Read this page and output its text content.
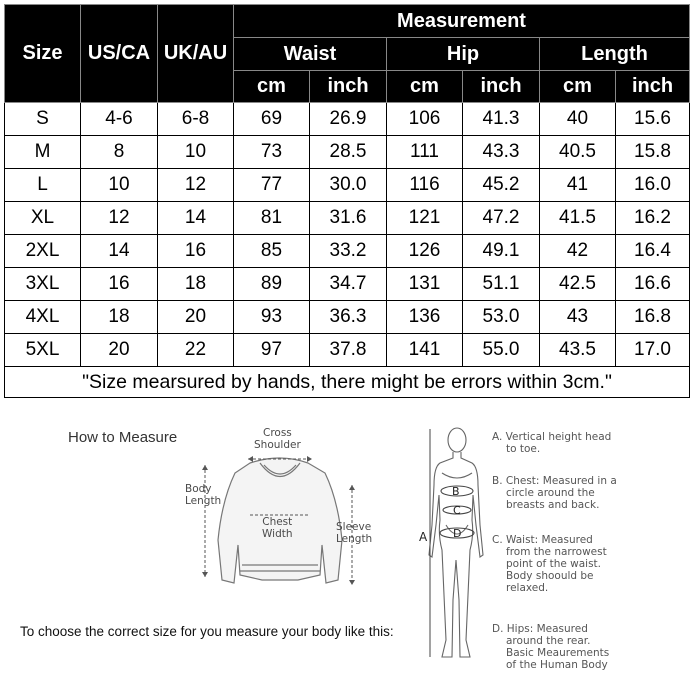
Size	US/CA	UK/AU	Measurement					
			Waist		Hip		Length	
			cm	inch	cm	inch	cm	inch
S	4-6	6-8	69	26.9	106	41.3	40	15.6
M	8	10	73	28.5	111	43.3	40.5	15.8
L	10	12	77	30.0	116	45.2	41	16.0
XL	12	14	81	31.6	121	47.2	41.5	16.2
2XL	14	16	85	33.2	126	49.1	42	16.4
3XL	16	18	89	34.7	131	51.1	42.5	16.6
4XL	18	20	93	36.3	136	53.0	43	16.8
5XL	20	22	97	37.8	141	55.0	43.5	17.0
"Size mearsured by hands, there might be errors within 3cm."								
How to Measure
To choose the correct size for you measure your body like this:
Cross
Shoulder
Body
Length
Chest
Width
Sleeve
Length	A
B
C
D
A. Vertical height head
to toe.
B. Chest: Measured in a
circle around the
breasts and back.
C. Waist: Measured
from the narrowest
point of the waist.
Body shoould be
relaxed.
D. Hips: Measured
around the rear.
Basic Meaurements
of the Human Body
